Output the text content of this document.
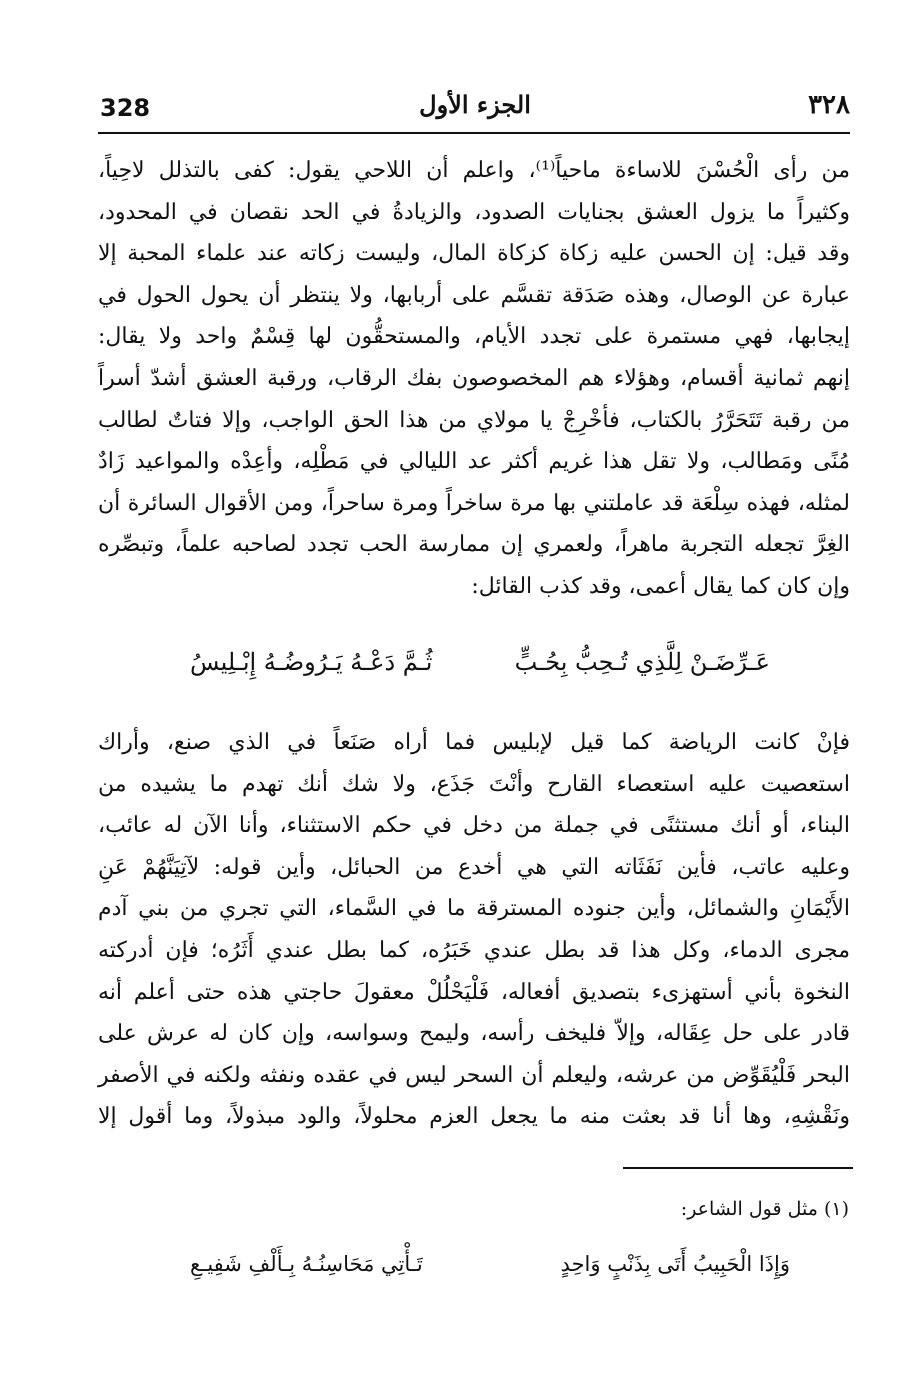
328	الجزء الأول	٣٢٨
من رأى الْحُسْنَ للاساءة ماحياً⁽¹⁾، واعلم أن اللاحي يقول: كفى بالتذلل لاحِياً،
وكثيراً ما يزول العشق بجنايات الصدود، والزيادةُ في الحد نقصان في المحدود،
وقد قيل: إن الحسن عليه زكاة كزكاة المال، وليست زكاته عند علماء المحبة إلا
عبارة عن الوصال، وهذه صَدَقة تقسَّم على أربابها، ولا ينتظر أن يحول الحول في
إيجابها، فهي مستمرة على تجدد الأيام، والمستحقُّون لها قِسْمٌ واحد ولا يقال:
إنهم ثمانية أقسام، وهؤلاء هم المخصوصون بفك الرقاب، ورقبة العشق أشدّ أسراً
من رقبة تَتَحَرَّرُ بالكتاب، فأخْرِجْ يا مولاي من هذا الحق الواجب، وإلا فتاتٌ لطالب
مُنًى ومَطالب، ولا تقل هذا غريم أكثر عد الليالي في مَطْلِه، وأعِدْه والمواعيد زَادٌ
لمثله، فهذه سِلْعَة قد عاملتني بها مرة ساخراً ومرة ساحراً، ومن الأقوال السائرة أن
الغِرَّ تجعله التجربة ماهراً، ولعمري إن ممارسة الحب تجدد لصاحبه علماً، وتبصِّره
وإن كان كما يقال أعمى، وقد كذب القائل:
عَـرِّضَـنْ لِلَّذِي تُـحِبُّ بِحُـبٍّ
ثُـمَّ دَعْـهُ يَـرُوضُـهُ إِبْـلِيسُ
فإنْ كانت الرياضة كما قيل لإبليس فما أراه صَنَعاً في الذي صنع، وأراك
استعصيت عليه استعصاء القارح وأنْتَ جَذَع، ولا شك أنك تهدم ما يشيده من
البناء، أو أنك مستثنًى في جملة من دخل في حكم الاستثناء، وأنا الآن له عائب،
وعليه عاتب، فأين نَفَثَاته التي هي أخدع من الحبائل، وأين قوله: لآتِيَنَّهُمْ عَنِ
الأَيْمَانِ والشمائل، وأين جنوده المسترقة ما في السَّماء، التي تجري من بني آدم
مجرى الدماء، وكل هذا قد بطل عندي خَبَرُه، كما بطل عندي أَثَرُه؛ فإن أدركته
النخوة بأني أستهزىء بتصديق أفعاله، فَلْيَحْلُلْ معقولَ حاجتي هذه حتى أعلم أنه
قادر على حل عِقَاله، وإلاّ فليخف رأسه، وليمح وسواسه، وإن كان له عرش على
البحر فَلْيُقَوِّض من عرشه، وليعلم أن السحر ليس في عقده ونفثه ولكنه في الأصفر
ونَقْشِهِ، وها أنا قد بعثت منه ما يجعل العزم محلولاً، والود مبذولاً، وما أقول إلا
(١) مثل قول الشاعر:
وَإِذَا الْحَبِيبُ أَتَى بِذَنْبٍ وَاحِدٍ
تَـأْتِي مَحَاسِنُـهُ بِـأَلْفِ شَفِيـعِ
